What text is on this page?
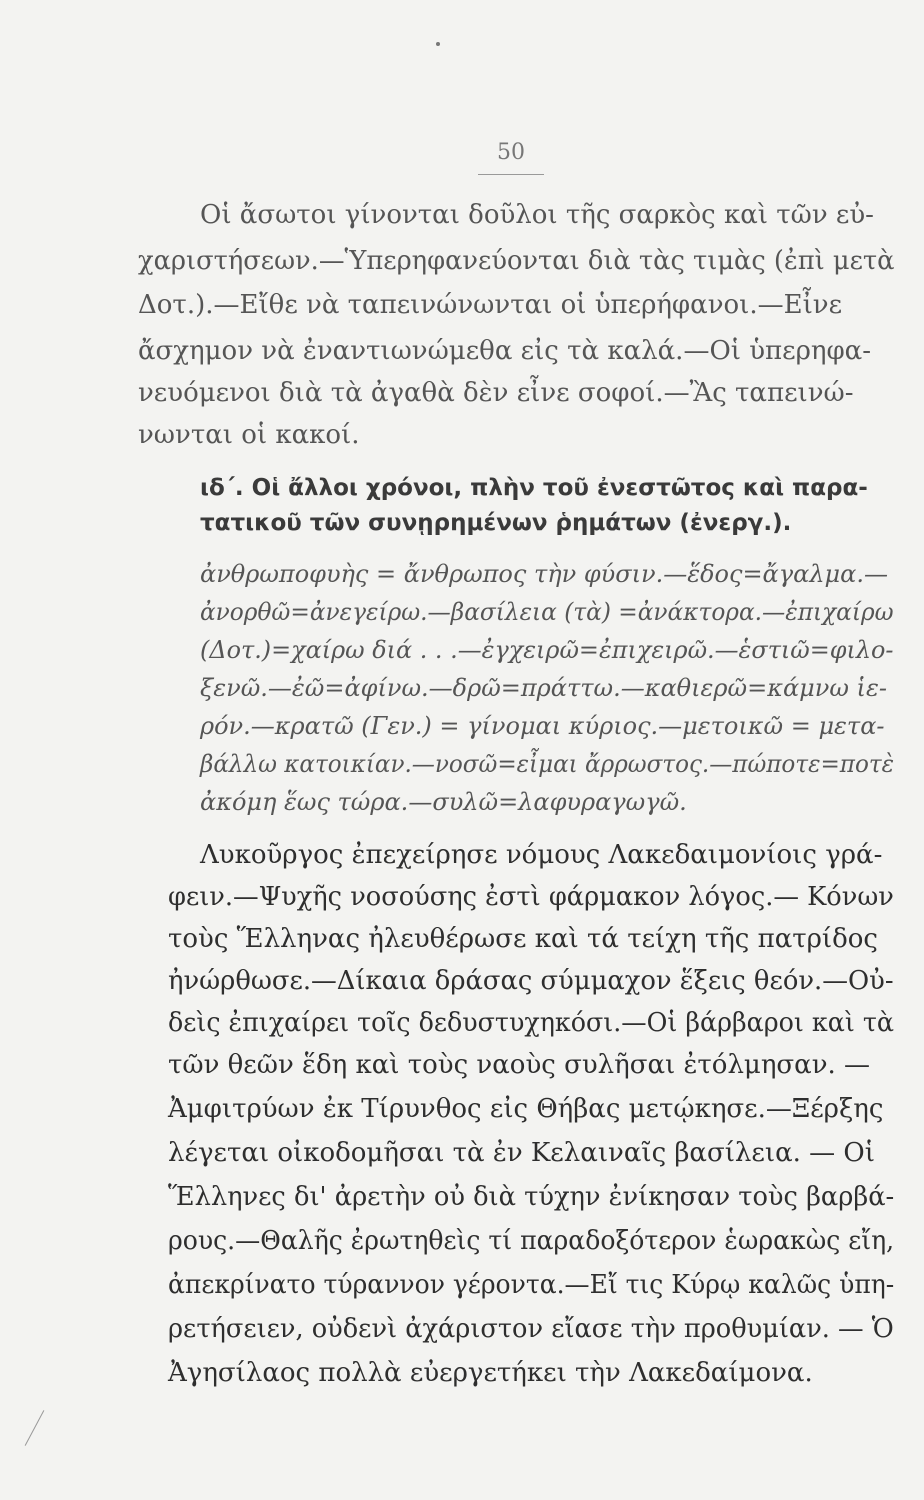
50
Οἱ ἄσωτοι γίνονται δοῦλοι τῆς σαρκὸς καὶ τῶν εὐ-
χαριστήσεων.—Ὑπερηφανεύονται διὰ τὰς τιμὰς (ἐπὶ μετὰ
Δοτ.).—Εἴθε νὰ ταπεινώνωνται οἱ ὑπερήφανοι.—Εἶνε
ἄσχημον νὰ ἐναντιωνώμεθα εἰς τὰ καλά.—Οἱ ὑπερηφα-
νευόμενοι διὰ τὰ ἀγαθὰ δὲν εἶνε σοφοί.—Ἂς ταπεινώ-
νωνται οἱ κακοί.
ιδ΄. Οἱ ἄλλοι χρόνοι, πλὴν τοῦ ἐνεστῶτος καὶ παρα-
τατικοῦ τῶν συνῃρημένων ῥημάτων (ἐνεργ.).
ἀνθρωποφυὴς = ἄνθρωπος τὴν φύσιν.—ἕδος=ἄγαλμα.—
ἀνορθῶ=ἀνεγείρω.—βασίλεια (τὰ) =ἀνάκτορα.—ἐπιχαίρω
(Δοτ.)=χαίρω διά . . .—ἐγχειρῶ=ἐπιχειρῶ.—ἑστιῶ=φιλο-
ξενῶ.—ἐῶ=ἀφίνω.—δρῶ=πράττω.—καθιερῶ=κάμνω ἱε-
ρόν.—κρατῶ (Γεν.) = γίνομαι κύριος.—μετοικῶ = μετα-
βάλλω κατοικίαν.—νοσῶ=εἶμαι ἄρρωστος.—πώποτε=ποτὲ
ἀκόμη ἕως τώρα.—συλῶ=λαφυραγωγῶ.
Λυκοῦργος ἐπεχείρησε νόμους Λακεδαιμονίοις γρά-
φειν.—Ψυχῆς νοσούσης ἐστὶ φάρμακον λόγος.— Κόνων
τοὺς Ἕλληνας ἠλευθέρωσε καὶ τά τείχη τῆς πατρίδος
ἠνώρθωσε.—Δίκαια δράσας σύμμαχον ἕξεις θεόν.—Οὐ-
δεὶς ἐπιχαίρει τοῖς δεδυστυχηκόσι.—Οἱ βάρβαροι καὶ τὰ
τῶν θεῶν ἕδη καὶ τοὺς ναοὺς συλῆσαι ἐτόλμησαν. —
Ἀμφιτρύων ἐκ Τίρυνθος εἰς Θήβας μετῴκησε.—Ξέρξης
λέγεται οἰκοδομῆσαι τὰ ἐν Κελαιναῖς βασίλεια. — Οἱ
Ἕλληνες δι' ἀρετὴν οὐ διὰ τύχην ἐνίκησαν τοὺς βαρβά-
ρους.—Θαλῆς ἐρωτηθεὶς τί παραδοξότερον ἑωρακὼς εἴη,
ἀπεκρίνατο τύραννον γέροντα.—Εἴ τις Κύρῳ καλῶς ὑπη-
ρετήσειεν, οὐδενὶ ἀχάριστον εἴασε τὴν προθυμίαν. — Ὁ
Ἀγησίλαος πολλὰ εὐεργετήκει τὴν Λακεδαίμονα.
